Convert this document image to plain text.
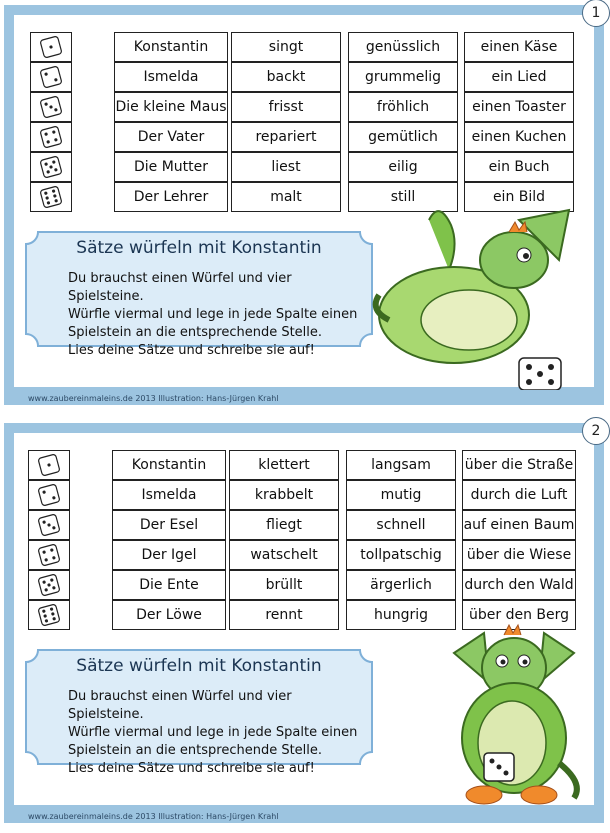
1
Konstantin
Ismelda
Die kleine Maus
Der Vater
Die Mutter
Der Lehrer
singt
backt
frisst
repariert
liest
malt
genüsslich
grummelig
fröhlich
gemütlich
eilig
still
einen Käse
ein Lied
einen Toaster
einen Kuchen
ein Buch
ein Bild
Sätze würfeln mit Konstantin
Du brauchst einen Würfel und vier Spielsteine.
Würfle viermal und lege in jede Spalte einen
Spielstein an die entsprechende Stelle.
Lies deine Sätze und schreibe sie auf!
www.zaubereinmaleins.de 2013 Illustration: Hans-Jürgen Krahl
2
Konstantin
Ismelda
Der Esel
Der Igel
Die Ente
Der Löwe
klettert
krabbelt
fliegt
watschelt
brüllt
rennt
langsam
mutig
schnell
tollpatschig
ärgerlich
hungrig
über die Straße
durch die Luft
auf einen Baum
über die Wiese
durch den Wald
über den Berg
Sätze würfeln mit Konstantin
Du brauchst einen Würfel und vier Spielsteine.
Würfle viermal und lege in jede Spalte einen
Spielstein an die entsprechende Stelle.
Lies deine Sätze und schreibe sie auf!
www.zaubereinmaleins.de 2013 Illustration: Hans-Jürgen Krahl
